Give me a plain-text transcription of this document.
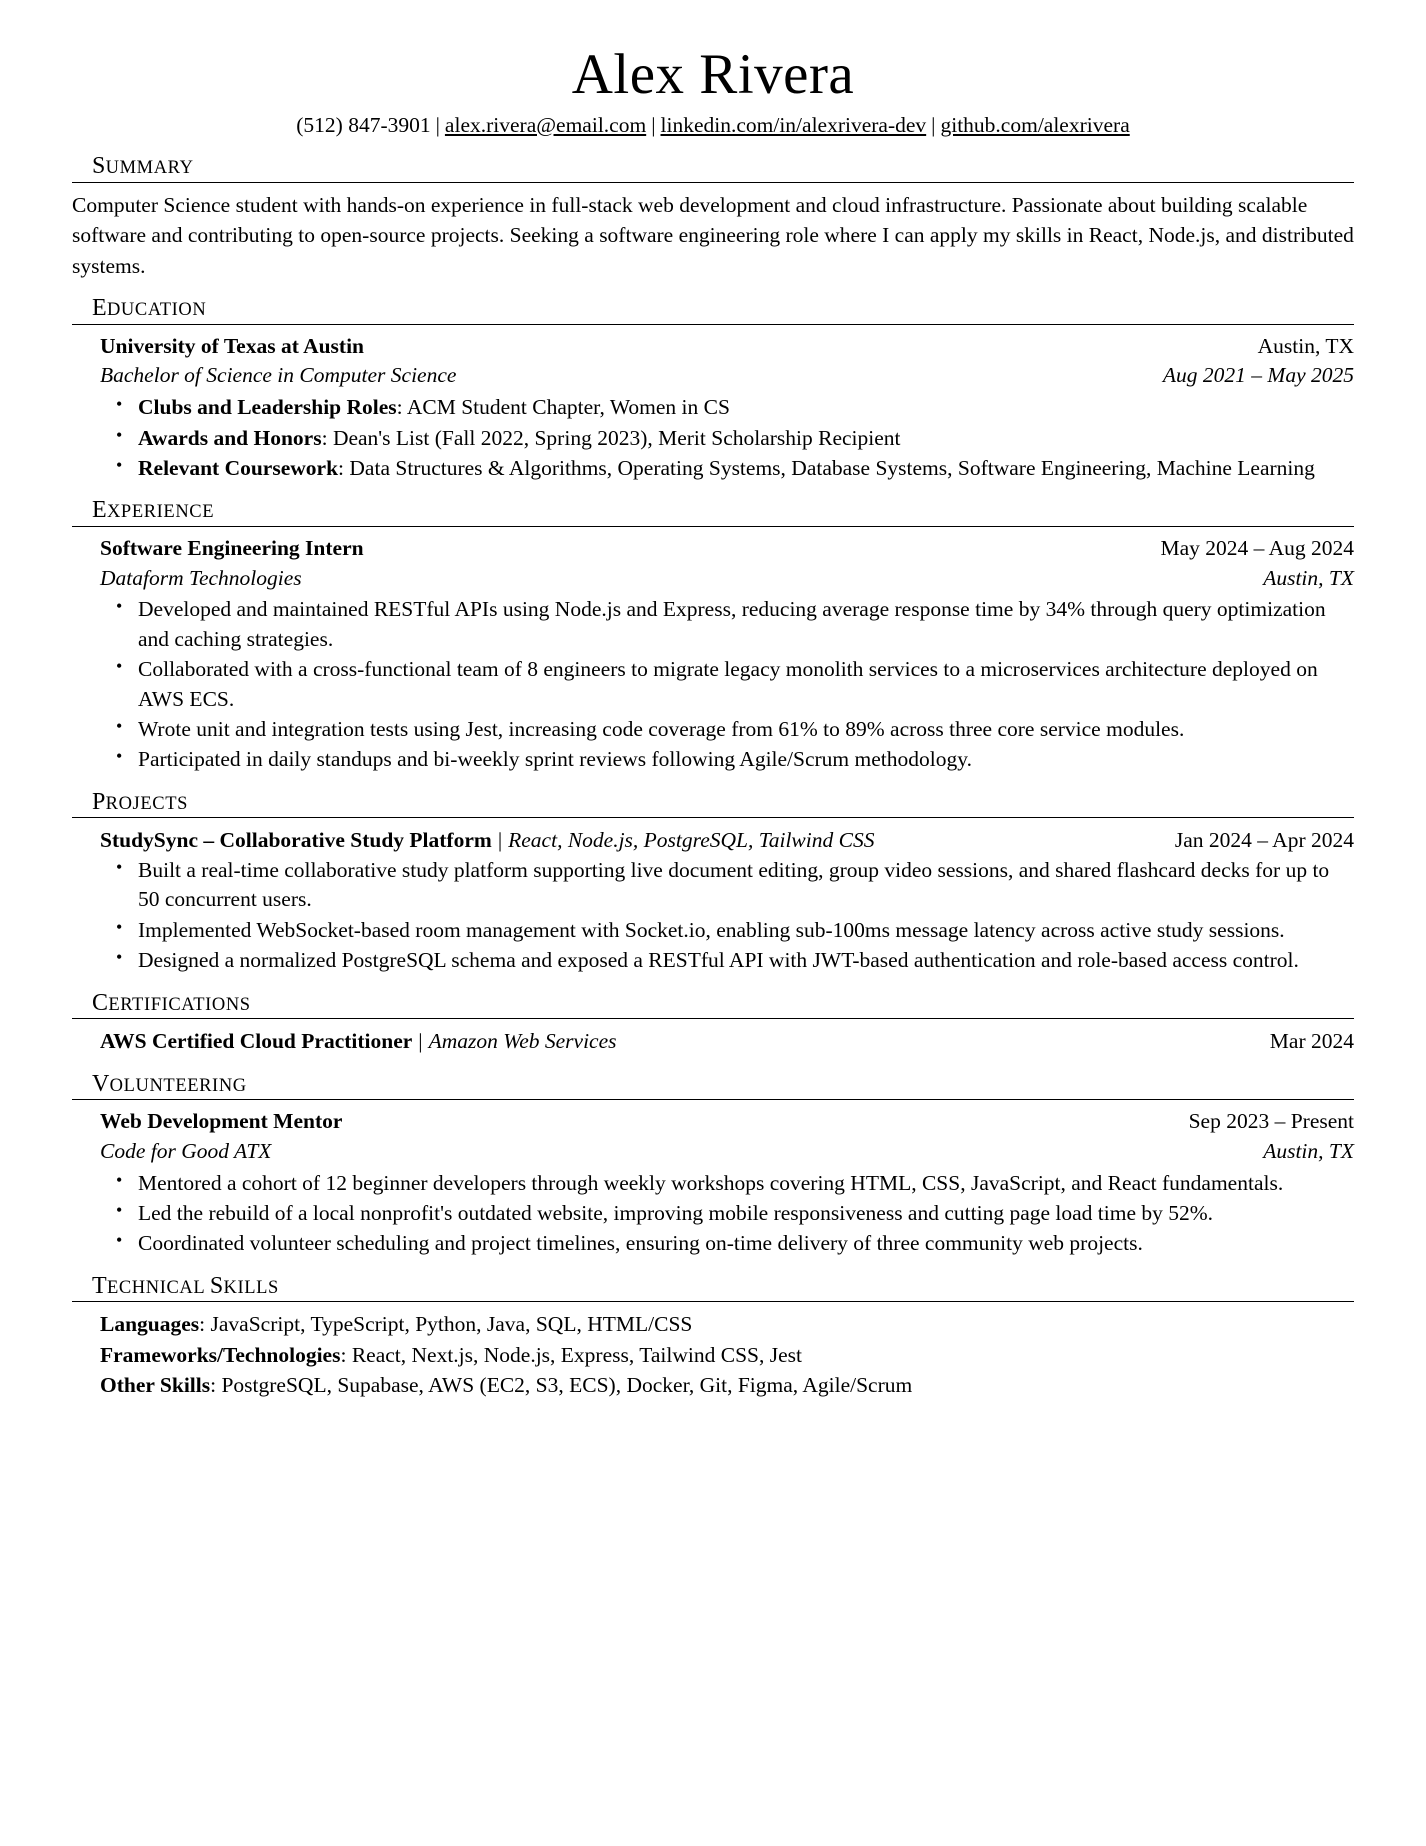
Alex Rivera
(512) 847-3901 | alex.rivera@email.com | linkedin.com/in/alexrivera-dev | github.com/alexrivera
SUMMARY

Computer Science student with hands-on experience in full-stack web development and cloud infrastructure. Passionate about building scalable software and contributing to open-source projects. Seeking a software engineering role where I can apply my skills in React, Node.js, and distributed systems.

EDUCATION
University of Texas at Austin	Austin, TX
Bachelor of Science in Computer Science	Aug 2021 – May 2025
• Clubs and Leadership Roles: ACM Student Chapter, Women in CS
• Awards and Honors: Dean's List (Fall 2022, Spring 2023), Merit Scholarship Recipient
• Relevant Coursework: Data Structures & Algorithms, Operating Systems, Database Systems, Software Engineering, Machine Learning
EXPERIENCE
Software Engineering Intern	May 2024 – Aug 2024
Dataform Technologies	Austin, TX
• Developed and maintained RESTful APIs using Node.js and Express, reducing average response time by 34% through query optimization and caching strategies.
• Collaborated with a cross-functional team of 8 engineers to migrate legacy monolith services to a microservices architecture deployed on AWS ECS.
• Wrote unit and integration tests using Jest, increasing code coverage from 61% to 89% across three core service modules.
• Participated in daily standups and bi-weekly sprint reviews following Agile/Scrum methodology.
PROJECTS
StudySync – Collaborative Study Platform | React, Node.js, PostgreSQL, Tailwind CSS	Jan 2024 – Apr 2024
• Built a real-time collaborative study platform supporting live document editing, group video sessions, and shared flashcard decks for up to 50 concurrent users.
• Implemented WebSocket-based room management with Socket.io, enabling sub-100ms message latency across active study sessions.
• Designed a normalized PostgreSQL schema and exposed a RESTful API with JWT-based authentication and role-based access control.
CERTIFICATIONS
AWS Certified Cloud Practitioner | Amazon Web Services	Mar 2024
VOLUNTEERING
Web Development Mentor	Sep 2023 – Present
Code for Good ATX	Austin, TX
• Mentored a cohort of 12 beginner developers through weekly workshops covering HTML, CSS, JavaScript, and React fundamentals.
• Led the rebuild of a local nonprofit's outdated website, improving mobile responsiveness and cutting page load time by 52%.
• Coordinated volunteer scheduling and project timelines, ensuring on-time delivery of three community web projects.
TECHNICAL SKILLS
Languages: JavaScript, TypeScript, Python, Java, SQL, HTML/CSS
Frameworks/Technologies: React, Next.js, Node.js, Express, Tailwind CSS, Jest
Other Skills: PostgreSQL, Supabase, AWS (EC2, S3, ECS), Docker, Git, Figma, Agile/Scrum
